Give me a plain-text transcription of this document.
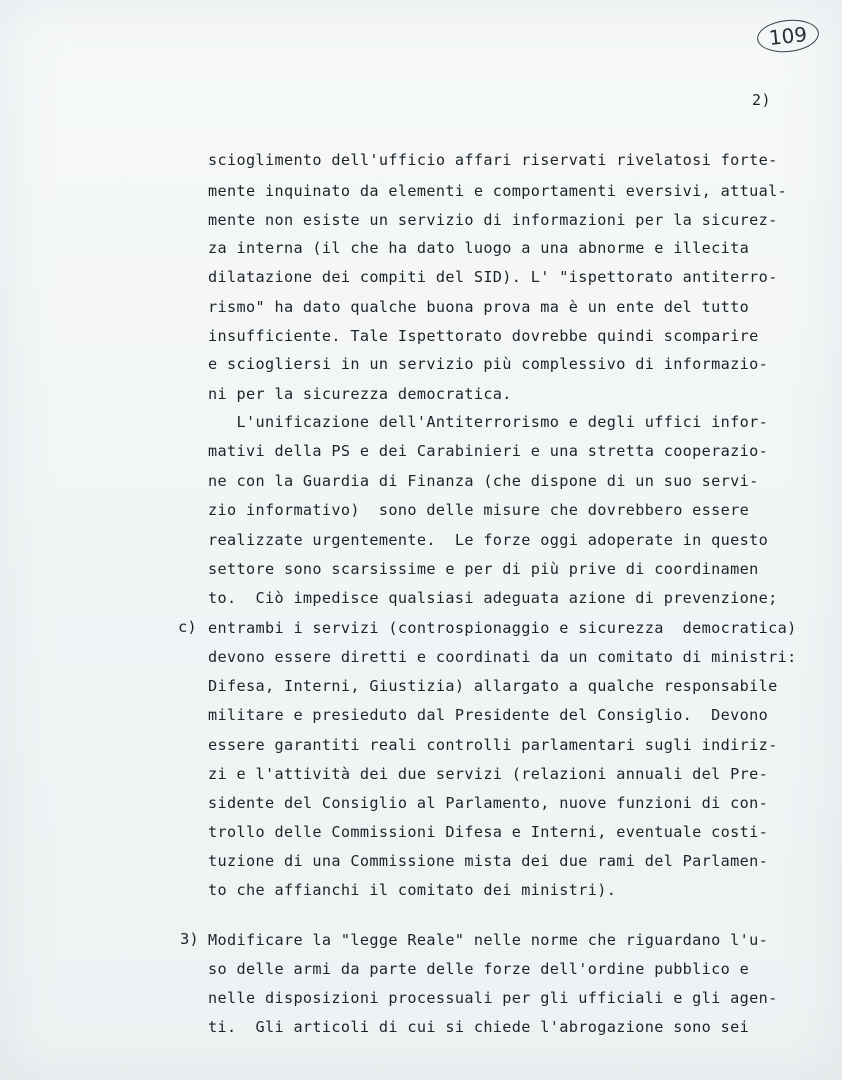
109
2)
scioglimento dell'ufficio affari riservati rivelatosi forte-
mente inquinato da elementi e comportamenti eversivi, attual-
mente non esiste un servizio di informazioni per la sicurez-
za interna (il che ha dato luogo a una abnorme e illecita
dilatazione dei compiti del SID). L' "ispettorato antiterro-
rismo" ha dato qualche buona prova ma è un ente del tutto
insufficiente. Tale Ispettorato dovrebbe quindi scomparire
e sciogliersi in un servizio più complessivo di informazio-
ni per la sicurezza democratica.
L'unificazione dell'Antiterrorismo e degli uffici infor-
mativi della PS e dei Carabinieri e una stretta cooperazio-
ne con la Guardia di Finanza (che dispone di un suo servi-
zio informativo)  sono delle misure che dovrebbero essere
realizzate urgentemente.  Le forze oggi adoperate in questo
settore sono scarsissime e per di più prive di coordinamen
to.  Ciò impedisce qualsiasi adeguata azione di prevenzione;
c) entrambi i servizi (controspionaggio e sicurezza  democratica)
devono essere diretti e coordinati da un comitato di ministri:
Difesa, Interni, Giustizia) allargato a qualche responsabile
militare e presieduto dal Presidente del Consiglio.  Devono
essere garantiti reali controlli parlamentari sugli indiriz-
zi e l'attività dei due servizi (relazioni annuali del Pre-
sidente del Consiglio al Parlamento, nuove funzioni di con-
trollo delle Commissioni Difesa e Interni, eventuale costi-
tuzione di una Commissione mista dei due rami del Parlamen-
to che affianchi il comitato dei ministri).
3) Modificare la "legge Reale" nelle norme che riguardano l'u-
so delle armi da parte delle forze dell'ordine pubblico e
nelle disposizioni processuali per gli ufficiali e gli agen-
ti.  Gli articoli di cui si chiede l'abrogazione sono sei
